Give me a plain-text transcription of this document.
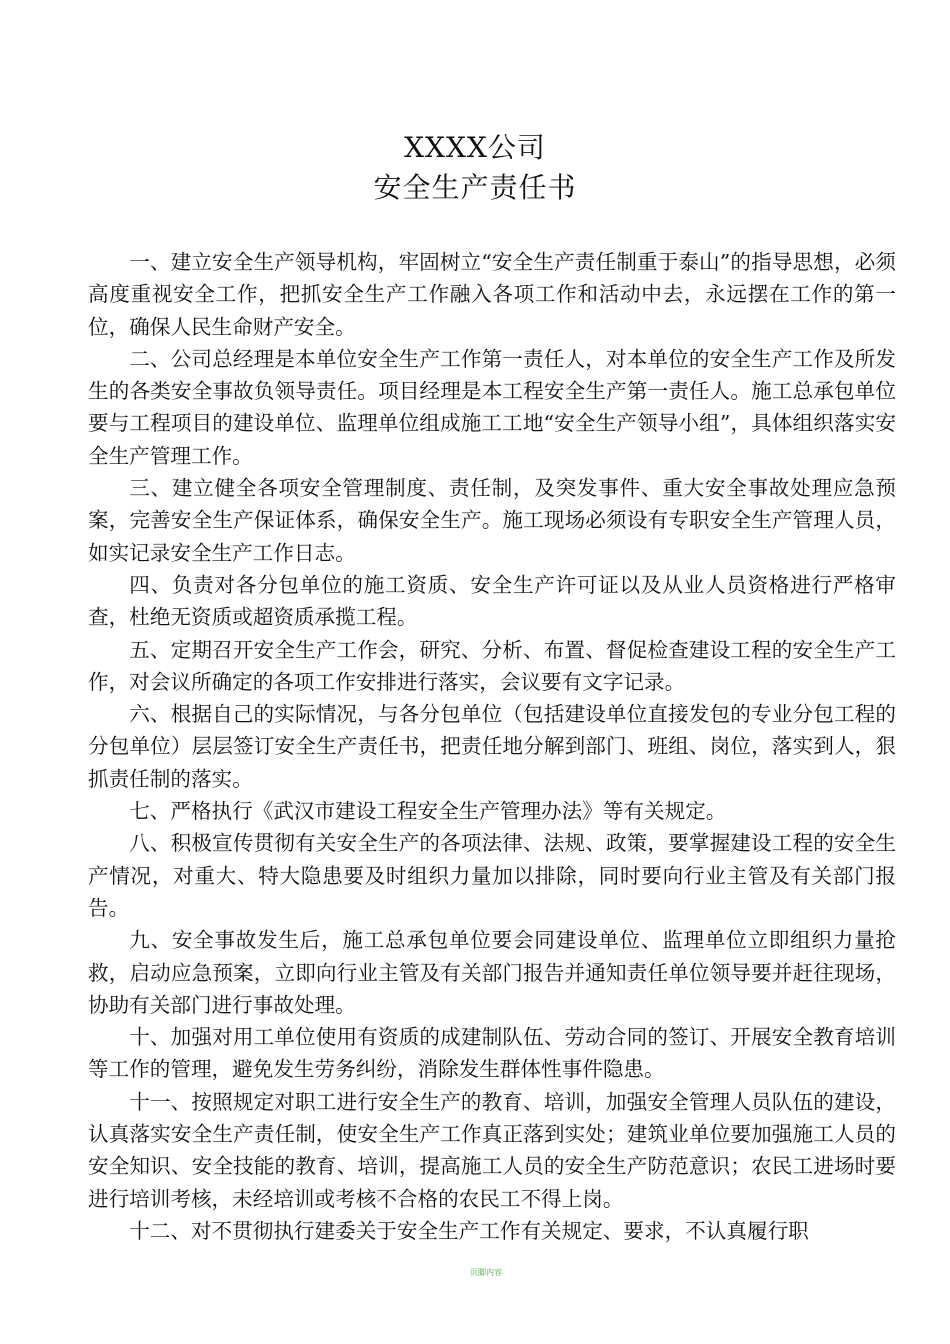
XXXX公司
安全生产责任书

一、建立安全生产领导机构，牢固树立“安全生产责任制重于泰山”的指导思想，必须高度重视安全工作，把抓安全生产工作融入各项工作和活动中去，永远摆在工作的第一位，确保人民生命财产安全。

二、公司总经理是本单位安全生产工作第一责任人，对本单位的安全生产工作及所发生的各类安全事故负领导责任。项目经理是本工程安全生产第一责任人。施工总承包单位要与工程项目的建设单位、监理单位组成施工工地“安全生产领导小组”，具体组织落实安全生产管理工作。

三、建立健全各项安全管理制度、责任制，及突发事件、重大安全事故处理应急预案，完善安全生产保证体系，确保安全生产。施工现场必须设有专职安全生产管理人员，如实记录安全生产工作日志。

四、负责对各分包单位的施工资质、安全生产许可证以及从业人员资格进行严格审查，杜绝无资质或超资质承揽工程。

五、定期召开安全生产工作会，研究、分析、布置、督促检查建设工程的安全生产工作，对会议所确定的各项工作安排进行落实，会议要有文字记录。

六、根据自己的实际情况，与各分包单位（包括建设单位直接发包的专业分包工程的分包单位）层层签订安全生产责任书，把责任地分解到部门、班组、岗位，落实到人，狠抓责任制的落实。

七、严格执行《武汉市建设工程安全生产管理办法》等有关规定。

八、积极宣传贯彻有关安全生产的各项法律、法规、政策，要掌握建设工程的安全生产情况，对重大、特大隐患要及时组织力量加以排除，同时要向行业主管及有关部门报告。

九、安全事故发生后，施工总承包单位要会同建设单位、监理单位立即组织力量抢救，启动应急预案，立即向行业主管及有关部门报告并通知责任单位领导要并赶往现场，协助有关部门进行事故处理。

十、加强对用工单位使用有资质的成建制队伍、劳动合同的签订、开展安全教育培训等工作的管理，避免发生劳务纠纷，消除发生群体性事件隐患。

十一、按照规定对职工进行安全生产的教育、培训，加强安全管理人员队伍的建设，认真落实安全生产责任制，使安全生产工作真正落到实处；建筑业单位要加强施工人员的安全知识、安全技能的教育、培训，提高施工人员的安全生产防范意识；农民工进场时要进行培训考核，未经培训或考核不合格的农民工不得上岗。

十二、对不贯彻执行建委关于安全生产工作有关规定、要求，不认真履行职

页脚内容
